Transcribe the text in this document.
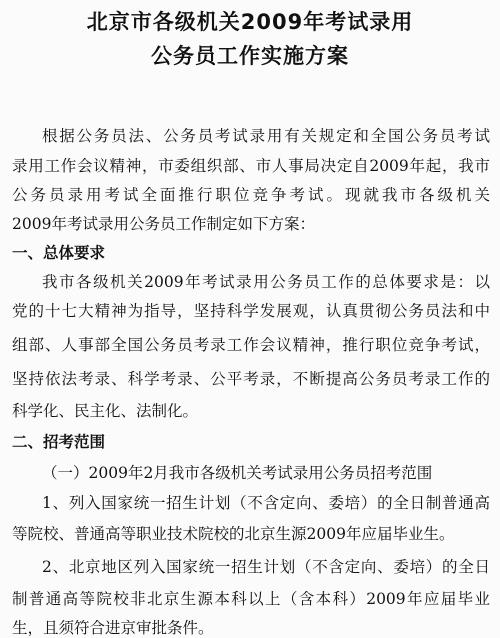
北京市各级机关2009年考试录用
公务员工作实施方案
根据公务员法、公务员考试录用有关规定和全国公务员考试
录用工作会议精神，市委组织部、市人事局决定自2009年起，我市
公务员录用考试全面推行职位竞争考试。现就我市各级机关
2009年考试录用公务员工作制定如下方案：
一、总体要求
我市各级机关2009年考试录用公务员工作的总体要求是：以
党的十七大精神为指导，坚持科学发展观，认真贯彻公务员法和中
组部、人事部全国公务员考录工作会议精神，推行职位竞争考试，
坚持依法考录、科学考录、公平考录，不断提高公务员考录工作的
科学化、民主化、法制化。
二、招考范围
（一）2009年2月我市各级机关考试录用公务员招考范围
1、列入国家统一招生计划（不含定向、委培）的全日制普通高
等院校、普通高等职业技术院校的北京生源2009年应届毕业生。
2、北京地区列入国家统一招生计划（不含定向、委培）的全日
制普通高等院校非北京生源本科以上（含本科）2009年应届毕业
生，且须符合进京审批条件。
